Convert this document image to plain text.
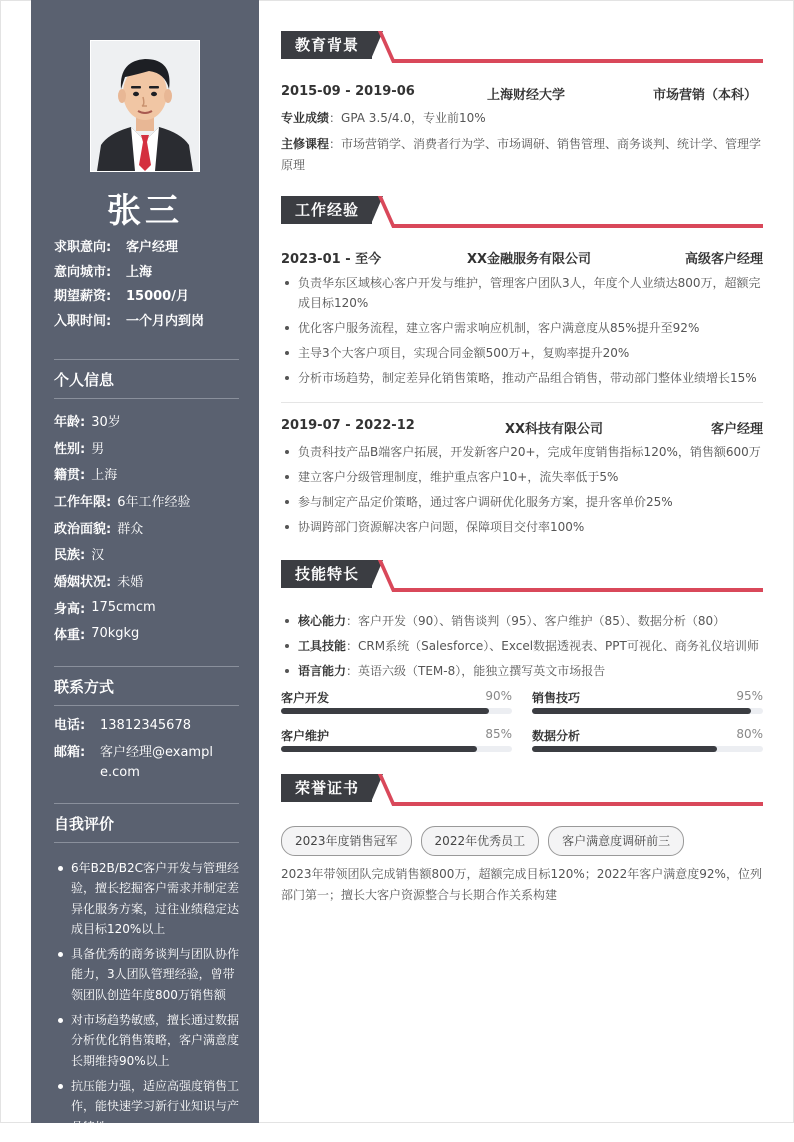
张三
求职意向:	客户经理
意向城市:	上海
期望薪资:	15000/月
入职时间:	一个月内到岗
个人信息
年龄: 30岁
性别: 男
籍贯: 上海
工作年限: 6年工作经验
政治面貌: 群众
民族: 汉
婚姻状况: 未婚
身高: 175cmcm
体重: 70kgkg
联系方式
电话:	13812345678
邮箱:	客户经理@example.com
自我评价
6年B2B/B2C客户开发与管理经验，擅长挖掘客户需求并制定差异化服务方案，过往业绩稳定达成目标120%以上
具备优秀的商务谈判与团队协作能力，3人团队管理经验，曾带领团队创造年度800万销售额
对市场趋势敏感，擅长通过数据分析优化销售策略，客户满意度长期维持90%以上
抗压能力强，适应高强度销售工作，能快速学习新行业知识与产品特性
教育背景
2015-09 - 2019-06	上海财经大学	市场营销（本科）
专业成绩：GPA 3.5/4.0，专业前10%
主修课程：市场营销学、消费者行为学、市场调研、销售管理、商务谈判、统计学、管理学原理
工作经验
2023-01 - 至今	XX金融服务有限公司	高级客户经理
负责华东区域核心客户开发与维护，管理客户团队3人，年度个人业绩达800万，超额完成目标120%
优化客户服务流程，建立客户需求响应机制，客户满意度从85%提升至92%
主导3个大客户项目，实现合同金额500万+，复购率提升20%
分析市场趋势，制定差异化销售策略，推动产品组合销售，带动部门整体业绩增长15%
2019-07 - 2022-12	XX科技有限公司	客户经理
负责科技产品B端客户拓展，开发新客户20+，完成年度销售指标120%，销售额600万
建立客户分级管理制度，维护重点客户10+，流失率低于5%
参与制定产品定价策略，通过客户调研优化服务方案，提升客单价25%
协调跨部门资源解决客户问题，保障项目交付率100%
技能特长
核心能力：客户开发（90）、销售谈判（95）、客户维护（85）、数据分析（80）
工具技能：CRM系统（Salesforce）、Excel数据透视表、PPT可视化、商务礼仪培训师
语言能力：英语六级（TEM-8），能独立撰写英文市场报告
客户开发	90% 销售技巧	95%
客户维护	85% 数据分析	80%
荣誉证书
2023年度销售冠军	2022年优秀员工	客户满意度调研前三
2023年带领团队完成销售额800万，超额完成目标120%；2022年客户满意度92%，位列部门第一；擅长大客户资源整合与长期合作关系构建
